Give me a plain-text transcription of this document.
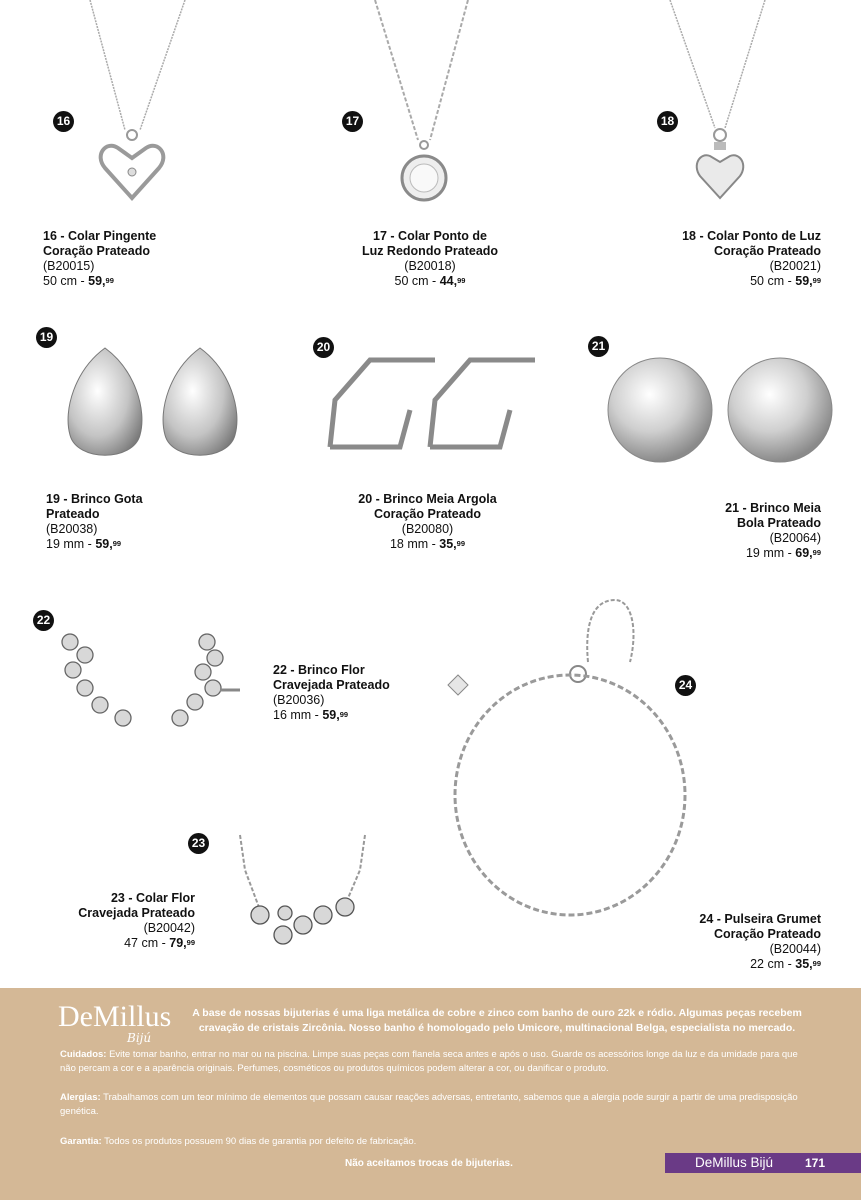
16	17	18
19
20	21
22
23
24
16 - Colar Pingente
Coração Prateado
(B20015)
50 cm - 59,99
17 - Colar Ponto de
Luz Redondo Prateado
(B20018)
50 cm - 44,99
18 - Colar Ponto de Luz
Coração Prateado
(B20021)
50 cm - 59,99
19 - Brinco Gota
Prateado
(B20038)
19 mm - 59,99
20 - Brinco Meia Argola
Coração Prateado
(B20080)
18 mm - 35,99
21 - Brinco Meia
Bola Prateado
(B20064)
19 mm - 69,99
22 - Brinco Flor
Cravejada Prateado
(B20036)
16 mm - 59,99
23 - Colar Flor
Cravejada Prateado
(B20042)
47 cm - 79,99
24 - Pulseira Grumet
Coração Prateado
(B20044)
22 cm - 35,99
DeMillus
Bijú

A base de nossas bijuterias é uma liga metálica de cobre e zinco com banho de ouro 22k e ródio. Algumas peças recebem cravação de cristais Zircônia. Nosso banho é homologado pelo Umicore, multinacional Belga, especialista no mercado.

Cuidados: Evite tomar banho, entrar no mar ou na piscina. Limpe suas peças com flanela seca antes e após o uso. Guarde os acessórios longe da luz e da umidade para que não percam a cor e a aparência originais. Perfumes, cosméticos ou produtos químicos podem alterar a cor, ou danificar o produto.

Alergias: Trabalhamos com um teor mínimo de elementos que possam causar reações adversas, entretanto, sabemos que a alergia pode surgir a partir de uma predisposição genética.

Garantia: Todos os produtos possuem 90 dias de garantia por defeito de fabricação.

Não aceitamos trocas de bijuterias.	DeMillus Bijú	171
